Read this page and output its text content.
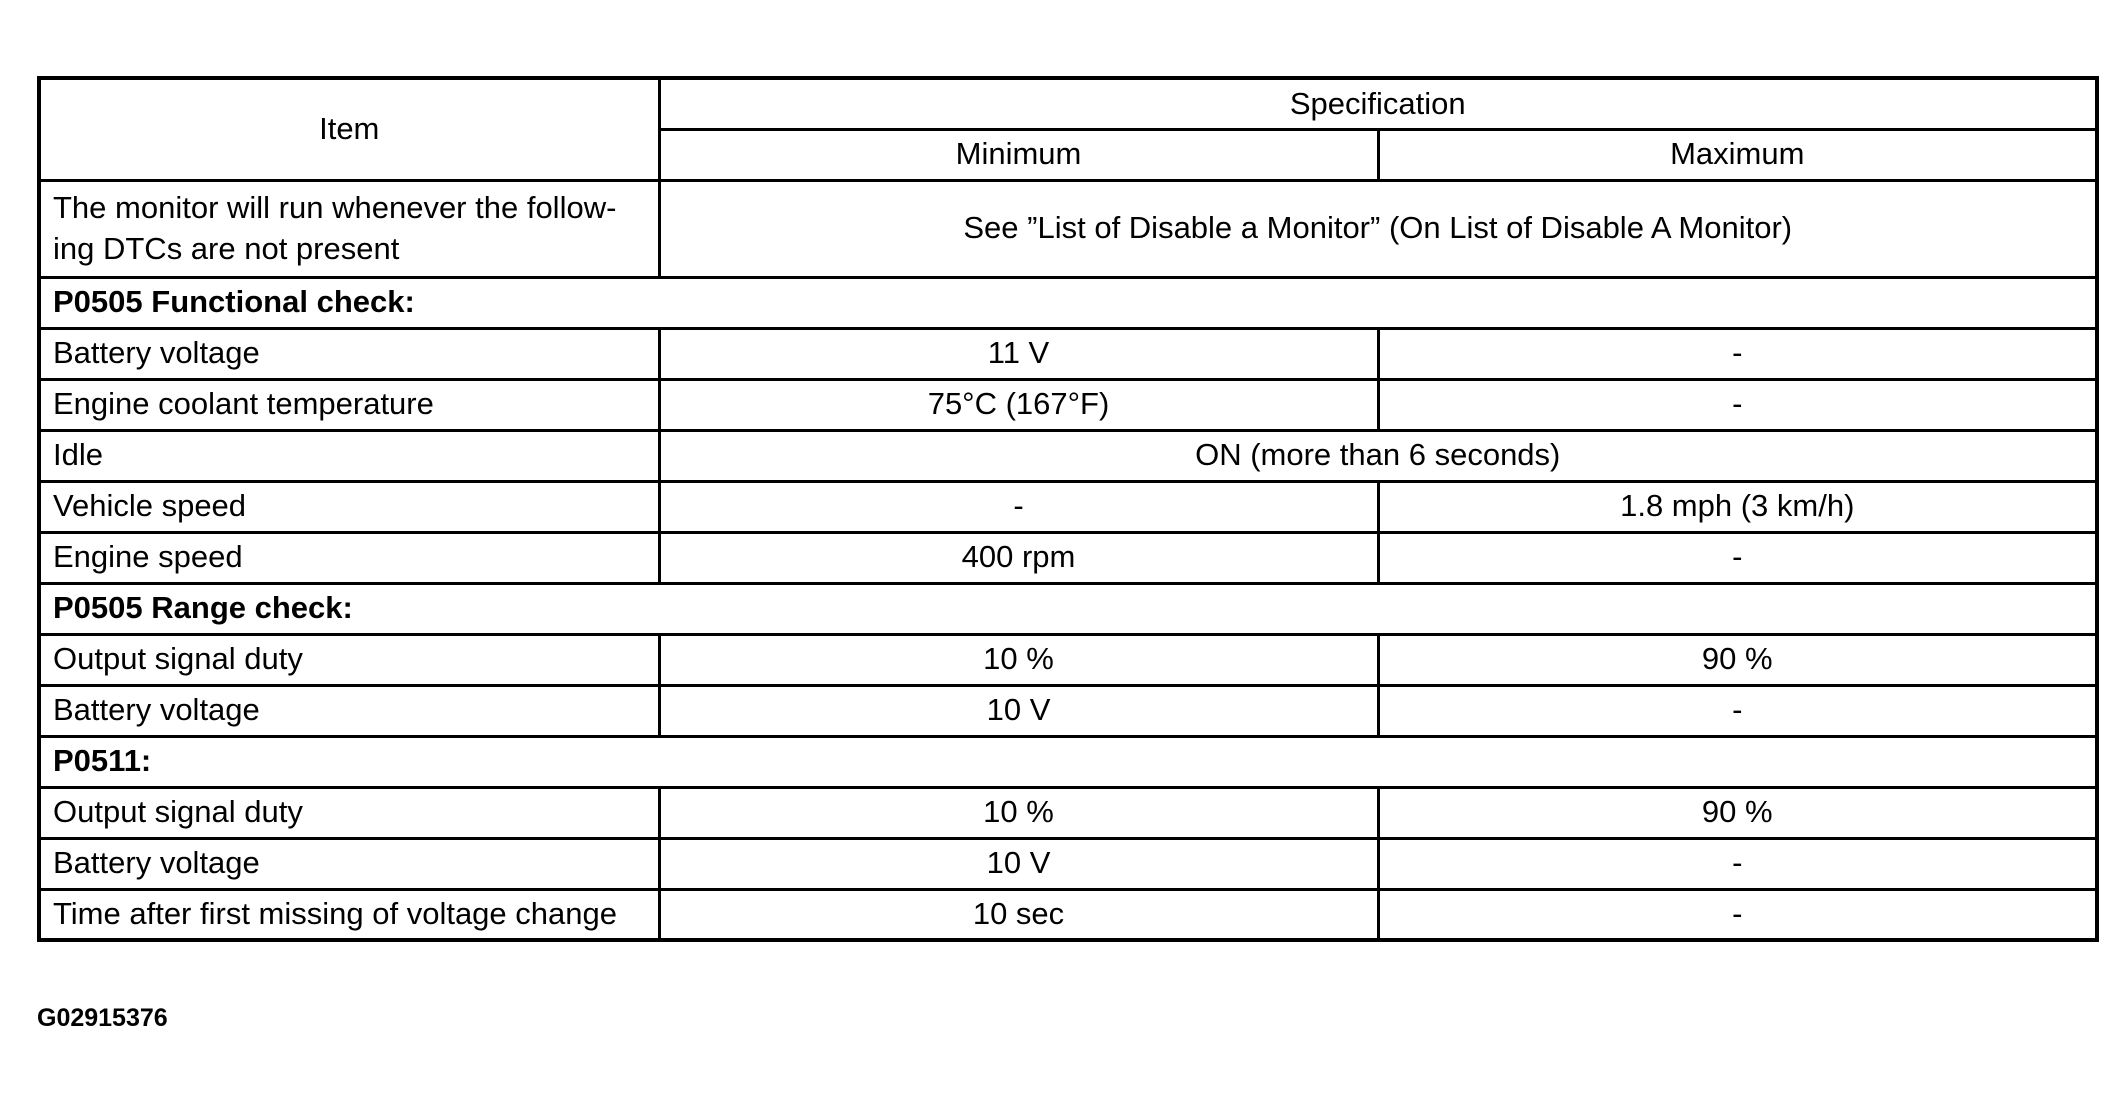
Item	Specification	
	Minimum	Maximum
The monitor will run whenever the follow-
ing DTCs are not present	See ”List of Disable a Monitor” (On List of Disable A Monitor)	
P0505 Functional check:		
Battery voltage	11 V	-
Engine coolant temperature	75°C (167°F)	-
Idle	ON (more than 6 seconds)	
Vehicle speed	-	1.8 mph (3 km/h)
Engine speed	400 rpm	-
P0505 Range check:		
Output signal duty	10 %	90 %
Battery voltage	10 V	-
P0511:		
Output signal duty	10 %	90 %
Battery voltage	10 V	-
Time after first missing of voltage change	10 sec	-
G02915376
